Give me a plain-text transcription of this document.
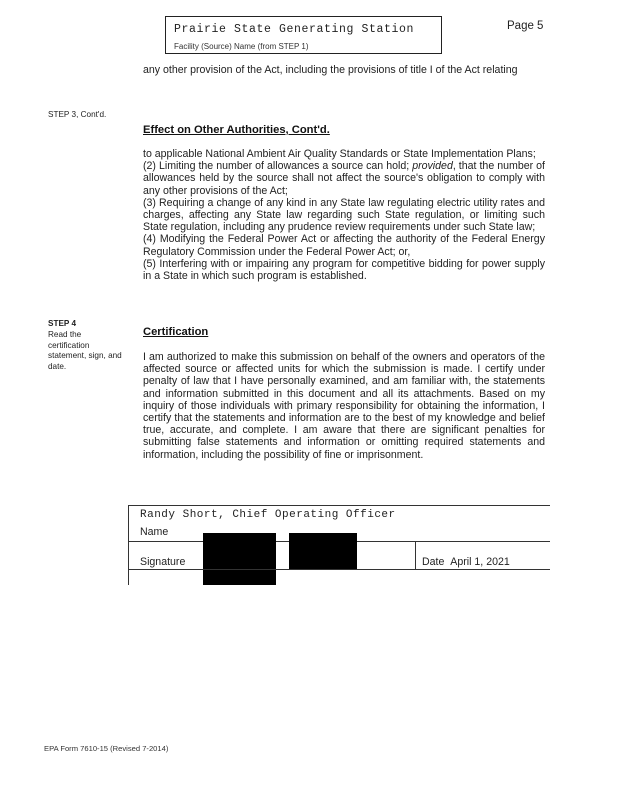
Prairie State Generating Station
Facility (Source) Name (from STEP 1)
Page 5
any other provision of the Act, including the provisions of title I of the Act relating
STEP 3, Cont'd.
Effect on Other Authorities, Cont'd.
to applicable National Ambient Air Quality Standards or State Implementation Plans;
(2) Limiting the number of allowances a source can hold; provided, that the number of allowances held by the source shall not affect the source's obligation to comply with any other provisions of the Act;
(3) Requiring a change of any kind in any State law regulating electric utility rates and charges, affecting any State law regarding such State regulation, or limiting such State regulation, including any prudence review requirements under such State law;
(4) Modifying the Federal Power Act or affecting the authority of the Federal Energy Regulatory Commission under the Federal Power Act; or,
(5) Interfering with or impairing any program for competitive bidding for power supply in a State in which such program is established.
STEP 4
Read the certification statement, sign, and date.
Certification
I am authorized to make this submission on behalf of the owners and operators of the affected source or affected units for which the submission is made. I certify under penalty of law that I have personally examined, and am familiar with, the statements and information submitted in this document and all its attachments. Based on my inquiry of those individuals with primary responsibility for obtaining the information, I certify that the statements and information are to the best of my knowledge and belief true, accurate, and complete. I am aware that there are significant penalties for submitting false statements and information or omitting required statements and information, including the possibility of fine or imprisonment.
Randy Short, Chief Operating Officer
Name
Signature	Date April 1, 2021
EPA Form 7610-15 (Revised 7-2014)
